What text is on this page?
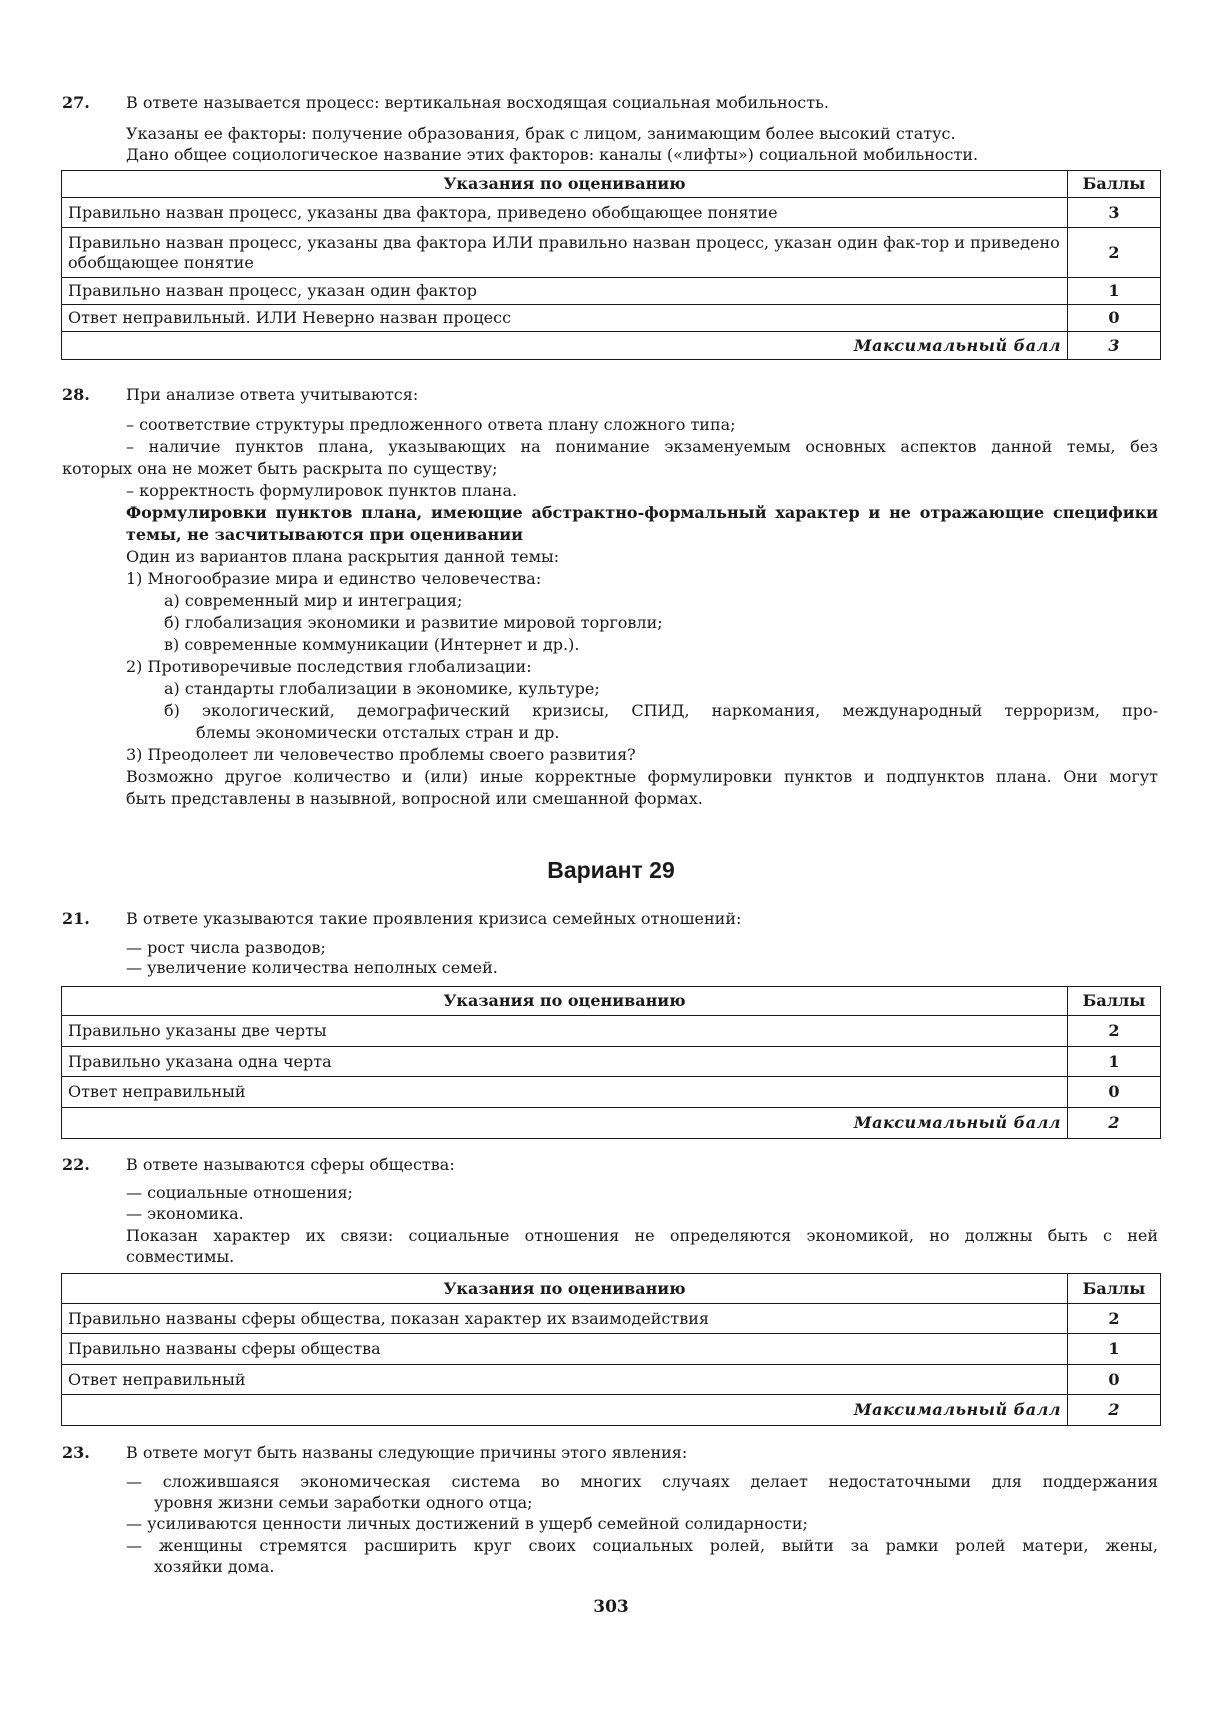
27. В ответе называется процесс: вертикальная восходящая социальная мобильность.
Указаны ее факторы: получение образования, брак с лицом, занимающим более высокий статус.
Дано общее социологическое название этих факторов: каналы («лифты») социальной мобильности.
Указания по оцениванию	Баллы
Правильно назван процесс, указаны два фактора, приведено обобщающее понятие	3
Правильно назван процесс, указаны два фактора ИЛИ правильно назван процесс, указан один фак-тор и приведено обобщающее понятие	2
Правильно назван процесс, указан один фактор	1
Ответ неправильный. ИЛИ Неверно назван процесс	0
Максимальный балл	3
28. При анализе ответа учитываются:
– соответствие структуры предложенного ответа плану сложного типа;
– наличие пунктов плана, указывающих на понимание экзаменуемым основных аспектов данной темы, без
которых она не может быть раскрыта по существу;
– корректность формулировок пунктов плана.
Формулировки пунктов плана, имеющие абстрактно-формальный характер и не отражающие специфики
темы, не засчитываются при оценивании
Один из вариантов плана раскрытия данной темы:
1) Многообразие мира и единство человечества:
а) современный мир и интеграция;
б) глобализация экономики и развитие мировой торговли;
в) современные коммуникации (Интернет и др.).
2) Противоречивые последствия глобализации:
а) стандарты глобализации в экономике, культуре;
б) экологический, демографический кризисы, СПИД, наркомания, международный терроризм, про-
блемы экономически отсталых стран и др.
3) Преодолеет ли человечество проблемы своего развития?
Возможно другое количество и (или) иные корректные формулировки пунктов и подпунктов плана. Они могут
быть представлены в назывной, вопросной или смешанной формах.
Вариант 29
21. В ответе указываются такие проявления кризиса семейных отношений:
— рост числа разводов;
— увеличение количества неполных семей.
Указания по оцениванию	Баллы
Правильно указаны две черты	2
Правильно указана одна черта	1
Ответ неправильный	0
Максимальный балл	2
22. В ответе называются сферы общества:
— социальные отношения;
— экономика.
Показан характер их связи: социальные отношения не определяются экономикой, но должны быть с ней
совместимы.
Указания по оцениванию	Баллы
Правильно названы сферы общества, показан характер их взаимодействия	2
Правильно названы сферы общества	1
Ответ неправильный	0
Максимальный балл	2
23. В ответе могут быть названы следующие причины этого явления:
— сложившаяся экономическая система во многих случаях делает недостаточными для поддержания
уровня жизни семьи заработки одного отца;
— усиливаются ценности личных достижений в ущерб семейной солидарности;
— женщины стремятся расширить круг своих социальных ролей, выйти за рамки ролей матери, жены,
хозяйки дома.
303
